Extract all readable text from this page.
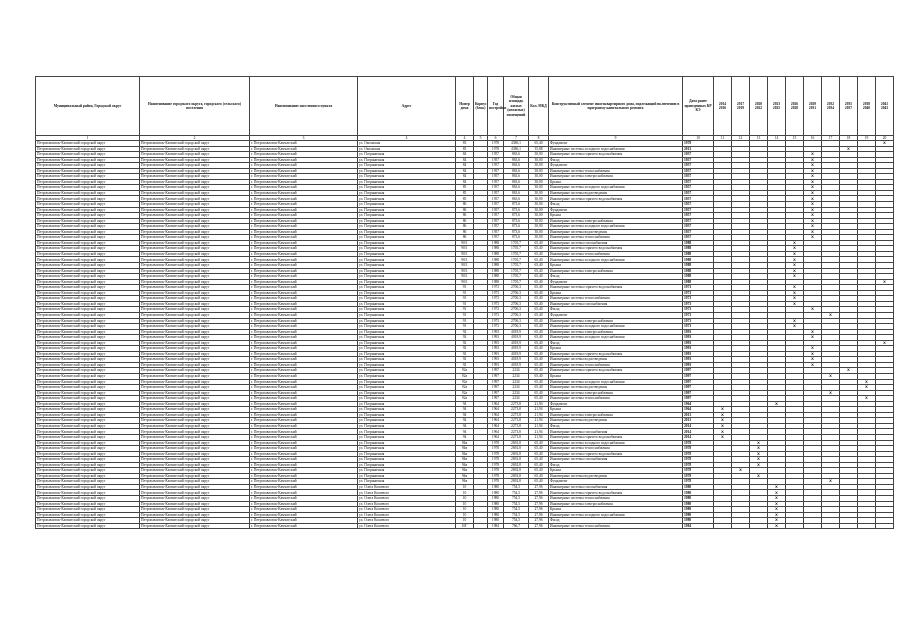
Муниципальный район, Городской округ	Наименование городского округа, городского (сельского) поселения	Наименование населенного пункта	Адрес	Номер дома	Корпус (блок)	Год постройки	Общая площадь жилых (нежилых) помещений	Кол. МКД	Конструктивный элемент многоквартирного дома, подлежащий включению в программу капитального ремонта	Дата ранее проведенных КР КЭ	2014 2016	2017 2019	2020 2022	2023 2025	2026 2028	2029 2031	2032 2034	2035 2037	2038 2040	2041 2043	
1	2	3	4	4	5	6	7	8	9	10	11	12	13	14	15	16	17	18	19	20	
Петропавловск-Камчатский городской округ	Петропавловск-Камчатский городской округ	г. Петропавловск-Камчатский	ул. Океанская	83		1978	4386,1	65,40	Фундамент	1978										X	
Петропавловск-Камчатский городской округ	Петропавловск-Камчатский городской округ	г. Петропавловск-Камчатский	ул. Океанская	83		1978	4386,1	35,88	Инженерные системы холодного водоснабжения	2013								X			
Петропавловск-Камчатский городской округ	Петропавловск-Камчатский городской округ	г. Петропавловск-Камчатский	ул. Пограничная	84		1957	863,6	30,00	Инженерные системы горячего водоснабжения	1957						X					
Петропавловск-Камчатский городской округ	Петропавловск-Камчатский городской округ	г. Петропавловск-Камчатский	ул. Пограничная	84		1957	863,6	30,00	Фасад	1957						X					
Петропавловск-Камчатский городской округ	Петропавловск-Камчатский городской округ	г. Петропавловск-Камчатский	ул. Пограничная	84		1957	863,6	30,00	Фундамент	1957						X					
Петропавловск-Камчатский городской округ	Петропавловск-Камчатский городской округ	г. Петропавловск-Камчатский	ул. Пограничная	84		1957	863,6	30,00	Инженерные системы теплоснабжения	1957						X					
Петропавловск-Камчатский городской округ	Петропавловск-Камчатский городской округ	г. Петропавловск-Камчатский	ул. Пограничная	84		1957	863,6	30,00	Инженерные системы электроснабжения	1957						X					
Петропавловск-Камчатский городской округ	Петропавловск-Камчатский городской округ	г. Петропавловск-Камчатский	ул. Пограничная	84		1957	863,6	30,00	Крыша	1957						X					
Петропавловск-Камчатский городской округ	Петропавловск-Камчатский городской округ	г. Петропавловск-Камчатский	ул. Пограничная	85		1957	863,6	30,00	Инженерные системы холодного водоснабжения	1957						X					
Петропавловск-Камчатский городской округ	Петропавловск-Камчатский городской округ	г. Петропавловск-Камчатский	ул. Пограничная	85		1957	863,6	30,00	Инженерные системы водоотведения	1957						X					
Петропавловск-Камчатский городской округ	Петропавловск-Камчатский городской округ	г. Петропавловск-Камчатский	ул. Пограничная	85		1957	863,6	30,00	Инженерные системы горячего водоснабжения	1957						X					
Петропавловск-Камчатский городской округ	Петропавловск-Камчатский городской округ	г. Петропавловск-Камчатский	ул. Пограничная	86		1957	873,6	30,00	Фасад	1957						X					
Петропавловск-Камчатский городской округ	Петропавловск-Камчатский городской округ	г. Петропавловск-Камчатский	ул. Пограничная	86		1957	873,6	30,00	Фундамент	1957						X					
Петропавловск-Камчатский городской округ	Петропавловск-Камчатский городской округ	г. Петропавловск-Камчатский	ул. Пограничная	86		1957	873,6	30,00	Крыша	1957						X					
Петропавловск-Камчатский городской округ	Петропавловск-Камчатский городской округ	г. Петропавловск-Камчатский	ул. Пограничная	86		1957	873,6	30,00	Инженерные системы электроснабжения	1957						X					
Петропавловск-Камчатский городской округ	Петропавловск-Камчатский городской округ	г. Петропавловск-Камчатский	ул. Пограничная	86		1957	873,6	30,00	Инженерные системы холодного водоснабжения	1957						X					
Петропавловск-Камчатский городской округ	Петропавловск-Камчатский городской округ	г. Петропавловск-Камчатский	ул. Пограничная	86		1957	873,6	30,00	Инженерные системы водоотведения	1957						X					
Петропавловск-Камчатский городской округ	Петропавловск-Камчатский городской округ	г. Петропавловск-Камчатский	ул. Пограничная	86		1957	873,6	30,00	Инженерные системы теплоснабжения	1957						X					
Петропавловск-Камчатский городской округ	Петропавловск-Камчатский городской округ	г. Петропавловск-Камчатский	ул. Пограничная	90/1		1988	1705,7	65,40	Инженерные системы газоснабжения	1988					X						
Петропавловск-Камчатский городской округ	Петропавловск-Камчатский городской округ	г. Петропавловск-Камчатский	ул. Пограничная	90/1		1988	1705,7	65,40	Инженерные системы горячего водоснабжения	1988					X						
Петропавловск-Камчатский городской округ	Петропавловск-Камчатский городской округ	г. Петропавловск-Камчатский	ул. Пограничная	90/1		1988	1705,7	65,40	Инженерные системы теплоснабжения	1988					X						
Петропавловск-Камчатский городской округ	Петропавловск-Камчатский городской округ	г. Петропавловск-Камчатский	ул. Пограничная	90/1		1988	1705,7	65,40	Инженерные системы холодного водоснабжения	1988					X						
Петропавловск-Камчатский городской округ	Петропавловск-Камчатский городской округ	г. Петропавловск-Камчатский	ул. Пограничная	90/1		1988	1705,7	65,40	Крыша	1988					X						
Петропавловск-Камчатский городской округ	Петропавловск-Камчатский городской округ	г. Петропавловск-Камчатский	ул. Пограничная	90/1		1988	1705,7	65,40	Инженерные системы электроснабжения	1988					X						
Петропавловск-Камчатский городской округ	Петропавловск-Камчатский городской округ	г. Петропавловск-Камчатский	ул. Пограничная	90/1		1988	1705,7	65,40	Фасад	1988					X						
Петропавловск-Камчатский городской округ	Петропавловск-Камчатский городской округ	г. Петропавловск-Камчатский	ул. Пограничная	90/1		1988	1705,7	65,40	Фундамент	1988										X	
Петропавловск-Камчатский городской округ	Петропавловск-Камчатский городской округ	г. Петропавловск-Камчатский	ул. Пограничная	91		1973	2706,3	65,40	Инженерные системы горячего водоснабжения	1973					X						
Петропавловск-Камчатский городской округ	Петропавловск-Камчатский городской округ	г. Петропавловск-Камчатский	ул. Пограничная	91		1973	2706,3	65,40	Крыша	1973					X						
Петропавловск-Камчатский городской округ	Петропавловск-Камчатский городской округ	г. Петропавловск-Камчатский	ул. Пограничная	91		1973	2706,3	65,40	Инженерные системы теплоснабжения	1973					X						
Петропавловск-Камчатский городской округ	Петропавловск-Камчатский городской округ	г. Петропавловск-Камчатский	ул. Пограничная	91		1973	2706,3	65,40	Инженерные системы газоснабжения	1973					X						
Петропавловск-Камчатский городской округ	Петропавловск-Камчатский городской округ	г. Петропавловск-Камчатский	ул. Пограничная	91		1973	2706,3	65,40	Фасад	1973						X					
Петропавловск-Камчатский городской округ	Петропавловск-Камчатский городской округ	г. Петропавловск-Камчатский	ул. Пограничная	91		1973	2706,3	65,40	Фундамент	1973							X				
Петропавловск-Камчатский городской округ	Петропавловск-Камчатский городской округ	г. Петропавловск-Камчатский	ул. Пограничная	91		1973	2706,3	65,40	Инженерные системы электроснабжения	1973					X						
Петропавловск-Камчатский городской округ	Петропавловск-Камчатский городской округ	г. Петропавловск-Камчатский	ул. Пограничная	91		1973	2706,3	65,40	Инженерные системы холодного водоснабжения	1973					X						
Петропавловск-Камчатский городской округ	Петропавловск-Камчатский городской округ	г. Петропавловск-Камчатский	ул. Пограничная	92		1993	4018,9	65,40	Инженерные системы электроснабжения	1993						X					
Петропавловск-Камчатский городской округ	Петропавловск-Камчатский городской округ	г. Петропавловск-Камчатский	ул. Пограничная	92		1993	4018,9	65,40	Инженерные системы холодного водоснабжения	1993						X					
Петропавловск-Камчатский городской округ	Петропавловск-Камчатский городской округ	г. Петропавловск-Камчатский	ул. Пограничная	92		1993	4018,9	65,40	Фасад	1993										X	
Петропавловск-Камчатский городской округ	Петропавловск-Камчатский городской округ	г. Петропавловск-Камчатский	ул. Пограничная	92		1993	4018,9	65,40	Крыша	1993						X					
Петропавловск-Камчатский городской округ	Петропавловск-Камчатский городской округ	г. Петропавловск-Камчатский	ул. Пограничная	92		1993	4018,9	65,40	Инженерные системы горячего водоснабжения	1993						X					
Петропавловск-Камчатский городской округ	Петропавловск-Камчатский городской округ	г. Петропавловск-Камчатский	ул. Пограничная	92		1993	4018,9	65,40	Инженерные системы водоотведения	1993						X					
Петропавловск-Камчатский городской округ	Петропавловск-Камчатский городской округ	г. Петропавловск-Камчатский	ул. Пограничная	92		1993	4018,9	65,40	Инженерные системы теплоснабжения	1993						X					
Петропавловск-Камчатский городской округ	Петропавловск-Камчатский городской округ	г. Петропавловск-Камчатский	ул. Пограничная	92а		1997	2234	65,40	Инженерные системы горячего водоснабжения	1997								X			
Петропавловск-Камчатский городской округ	Петропавловск-Камчатский городской округ	г. Петропавловск-Камчатский	ул. Пограничная	92а		1997	2234	65,40	Крыша	1997							X				
Петропавловск-Камчатский городской округ	Петропавловск-Камчатский городской округ	г. Петропавловск-Камчатский	ул. Пограничная	92а		1997	2234	65,40	Инженерные системы холодного водоснабжения	1997									X		
Петропавловск-Камчатский городской округ	Петропавловск-Камчатский городской округ	г. Петропавловск-Камчатский	ул. Пограничная	92а		1997	2234	65,40	Инженерные системы водоотведения	1997									X		
Петропавловск-Камчатский городской округ	Петропавловск-Камчатский городской округ	г. Петропавловск-Камчатский	ул. Пограничная	92а		1997	2234	65,40	Инженерные системы электроснабжения	1997							X				
Петропавловск-Камчатский городской округ	Петропавловск-Камчатский городской округ	г. Петропавловск-Камчатский	ул. Пограничная	92а		1997	2234	65,40	Инженерные системы теплоснабжения	1997									X		
Петропавловск-Камчатский городской округ	Петропавловск-Камчатский городской округ	г. Петропавловск-Камчатский	ул. Пограничная	94		1964	2273,8	21,94	Фундамент	1964				X							
Петропавловск-Камчатский городской округ	Петропавловск-Камчатский городской округ	г. Петропавловск-Камчатский	ул. Пограничная	94		1964	2273,8	21,94	Крыша	1964	X										
Петропавловск-Камчатский городской округ	Петропавловск-Камчатский городской округ	г. Петропавловск-Камчатский	ул. Пограничная	94		1964	2273,8	21,94	Инженерные системы электроснабжения	2013	X										
Петропавловск-Камчатский городской округ	Петропавловск-Камчатский городской округ	г. Петропавловск-Камчатский	ул. Пограничная	94		1964	2273,8	21,94	Инженерные системы водоотведения	2013	X										
Петропавловск-Камчатский городской округ	Петропавловск-Камчатский городской округ	г. Петропавловск-Камчатский	ул. Пограничная	94		1964	2273,8	21,94	Фасад	2014	X										
Петропавловск-Камчатский городской округ	Петропавловск-Камчатский городской округ	г. Петропавловск-Камчатский	ул. Пограничная	94		1964	2273,8	21,94	Инженерные системы газоснабжения	2014	X										
Петропавловск-Камчатский городской округ	Петропавловск-Камчатский городской округ	г. Петропавловск-Камчатский	ул. Пограничная	94		1964	2273,8	21,94	Инженерные системы горячего водоснабжения	2014	X										
Петропавловск-Камчатский городской округ	Петропавловск-Камчатский городской округ	г. Петропавловск-Камчатский	ул. Пограничная	94в		1978	2692,8	65,40	Инженерные системы холодного водоснабжения	1978			X								
Петропавловск-Камчатский городской округ	Петропавловск-Камчатский городской округ	г. Петропавловск-Камчатский	ул. Пограничная	94в		1978	2692,8	65,40	Инженерные системы теплоснабжения	1978			X								
Петропавловск-Камчатский городской округ	Петропавловск-Камчатский городской округ	г. Петропавловск-Камчатский	ул. Пограничная	94в		1978	2692,8	65,40	Инженерные системы горячего водоснабжения	1978			X								
Петропавловск-Камчатский городской округ	Петропавловск-Камчатский городской округ	г. Петропавловск-Камчатский	ул. Пограничная	94в		1978	2692,8	65,40	Инженерные системы газоснабжения	1978			X								
Петропавловск-Камчатский городской округ	Петропавловск-Камчатский городской округ	г. Петропавловск-Камчатский	ул. Пограничная	94в		1978	2692,8	65,40	Фасад	1978			X								
Петропавловск-Камчатский городской округ	Петропавловск-Камчатский городской округ	г. Петропавловск-Камчатский	ул. Пограничная	94в		1978	2692,8	65,40	Крыша	1978		X									
Петропавловск-Камчатский городской округ	Петропавловск-Камчатский городской округ	г. Петропавловск-Камчатский	ул. Пограничная	94в		1978	2692,8	65,40	Инженерные системы водоотведения	1978			X								
Петропавловск-Камчатский городской округ	Петропавловск-Камчатский городской округ	г. Петропавловск-Камчатский	ул. Пограничная	94в		1978	2692,8	65,40	Фундамент	1978							X				
Петропавловск-Камчатский городской округ	Петропавловск-Камчатский городской округ	г. Петропавловск-Камчатский	ул. Олега Кошевого	10		1980	754,5	27,96	Инженерные системы газоснабжения	1980				X							
Петропавловск-Камчатский городской округ	Петропавловск-Камчатский городской округ	г. Петропавловск-Камчатский	ул. Олега Кошевого	10		1980	754,5	27,96	Инженерные системы горячего водоснабжения	1980				X							
Петропавловск-Камчатский городской округ	Петропавловск-Камчатский городской округ	г. Петропавловск-Камчатский	ул. Олега Кошевого	10		1980	754,5	27,96	Инженерные системы теплоснабжения	1980				X							
Петропавловск-Камчатский городской округ	Петропавловск-Камчатский городской округ	г. Петропавловск-Камчатский	ул. Олега Кошевого	10		1980	754,5	27,96	Инженерные системы электроснабжения	1980				X							
Петропавловск-Камчатский городской округ	Петропавловск-Камчатский городской округ	г. Петропавловск-Камчатский	ул. Олега Кошевого	10		1980	754,5	27,96	Крыша	1980				X							
Петропавловск-Камчатский городской округ	Петропавловск-Камчатский городской округ	г. Петропавловск-Камчатский	ул. Олега Кошевого	10		1980	754,5	27,96	Инженерные системы холодного водоснабжения	1980				X							
Петропавловск-Камчатский городской округ	Петропавловск-Камчатский городской округ	г. Петропавловск-Камчатский	ул. Олега Кошевого	10		1980	754,5	27,96	Фасад	1980				X							
Петропавловск-Камчатский городской округ	Петропавловск-Камчатский городской округ	г. Петропавловск-Камчатский	ул. Олега Кошевого	10Г		1984	766,7	27,96	Инженерные системы теплоснабжения	1984				X							
